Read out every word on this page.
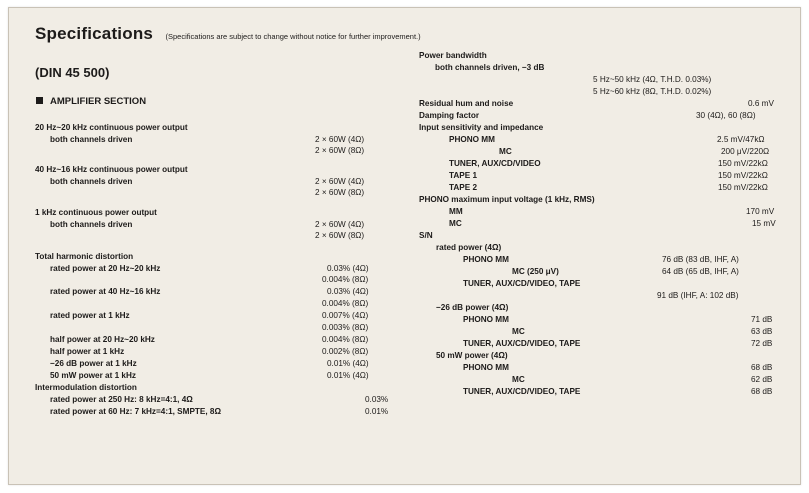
Specifications (Specifications are subject to change without notice for further improvement.)
(DIN 45 500)
AMPLIFIER SECTION
20 Hz~20 kHz continuous power output
both channels driven	2 × 60W (4Ω)
2 × 60W (8Ω)
40 Hz~16 kHz continuous power output
both channels driven	2 × 60W (4Ω)
2 × 60W (8Ω)
1 kHz continuous power output
both channels driven	2 × 60W (4Ω)
2 × 60W (8Ω)
Total harmonic distortion
rated power at 20 Hz~20 kHz	0.03% (4Ω)
0.004% (8Ω)
rated power at 40 Hz~16 kHz	0.03% (4Ω)
0.004% (8Ω)
rated power at 1 kHz	0.007% (4Ω)
0.003% (8Ω)
half power at 20 Hz~20 kHz	0.004% (8Ω)
half power at 1 kHz	0.002% (8Ω)
−26 dB power at 1 kHz	0.01% (4Ω)
50 mW power at 1 kHz	0.01% (4Ω)
Intermodulation distortion
rated power at 250 Hz: 8 kHz=4:1, 4Ω	0.03%
rated power at 60 Hz: 7 kHz=4:1, SMPTE, 8Ω	0.01%
Power bandwidth
both channels driven, −3 dB
5 Hz~50 kHz (4Ω, T.H.D. 0.03%)
5 Hz~60 kHz (8Ω, T.H.D. 0.02%)
Residual hum and noise	0.6 mV
Damping factor	30 (4Ω), 60 (8Ω)
Input sensitivity and impedance
PHONO MM	2.5 mV/47kΩ
MC	200 μV/220Ω
TUNER, AUX/CD/VIDEO	150 mV/22kΩ
TAPE 1	150 mV/22kΩ
TAPE 2	150 mV/22kΩ
PHONO maximum input voltage (1 kHz, RMS)
MM	170 mV
MC	15 mV
S/N
rated power (4Ω)
PHONO MM	76 dB (83 dB, IHF, A)
MC (250 μV)	64 dB (65 dB, IHF, A)
TUNER, AUX/CD/VIDEO, TAPE
91 dB (IHF, A: 102 dB)
−26 dB power (4Ω)
PHONO MM	71 dB
MC	63 dB
TUNER, AUX/CD/VIDEO, TAPE	72 dB
50 mW power (4Ω)
PHONO MM	68 dB
MC	62 dB
TUNER, AUX/CD/VIDEO, TAPE	68 dB
